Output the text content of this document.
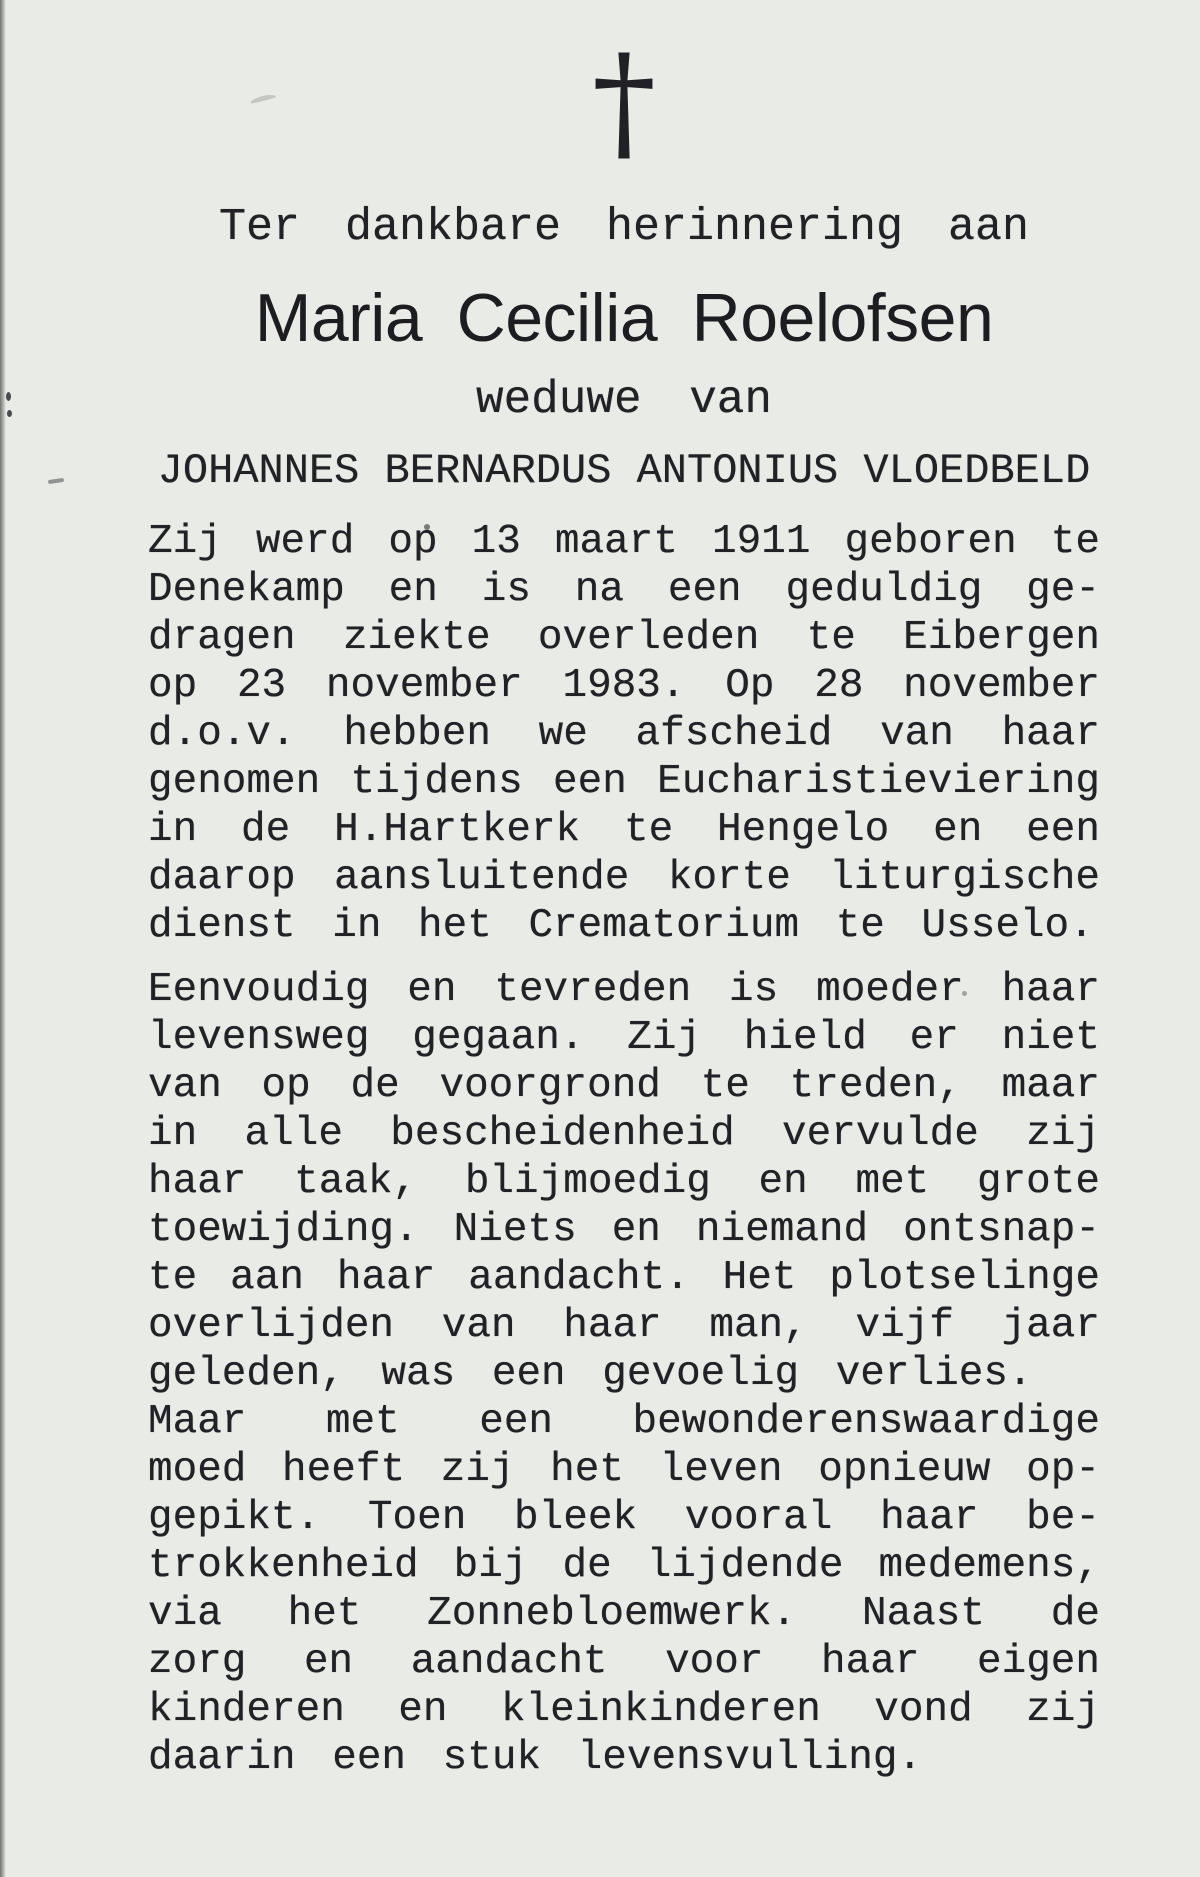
†
Ter dankbare herinnering aan
Maria Cecilia Roelofsen
weduwe van
JOHANNES BERNARDUS ANTONIUS VLOEDBELD
Zij werd op 13 maart 1911 geboren te
Denekamp en is na een geduldig ge-
dragen ziekte overleden te Eibergen
op 23 november 1983. Op 28 november
d.o.v. hebben we afscheid van haar
genomen tijdens een Eucharistieviering
in de H.Hartkerk te Hengelo en een
daarop aansluitende korte liturgische
dienst in het Crematorium te Usselo.
Eenvoudig en tevreden is moeder haar
levensweg gegaan. Zij hield er niet
van op de voorgrond te treden, maar
in alle bescheidenheid vervulde zij
haar taak, blijmoedig en met grote
toewijding. Niets en niemand ontsnap-
te aan haar aandacht. Het plotselinge
overlijden van haar man, vijf jaar
geleden, was een gevoelig verlies.
Maar met een bewonderenswaardige
moed heeft zij het leven opnieuw op-
gepikt. Toen bleek vooral haar be-
trokkenheid bij de lijdende medemens,
via het Zonnebloemwerk. Naast de
zorg en aandacht voor haar eigen
kinderen en kleinkinderen vond zij
daarin een stuk levensvulling.
